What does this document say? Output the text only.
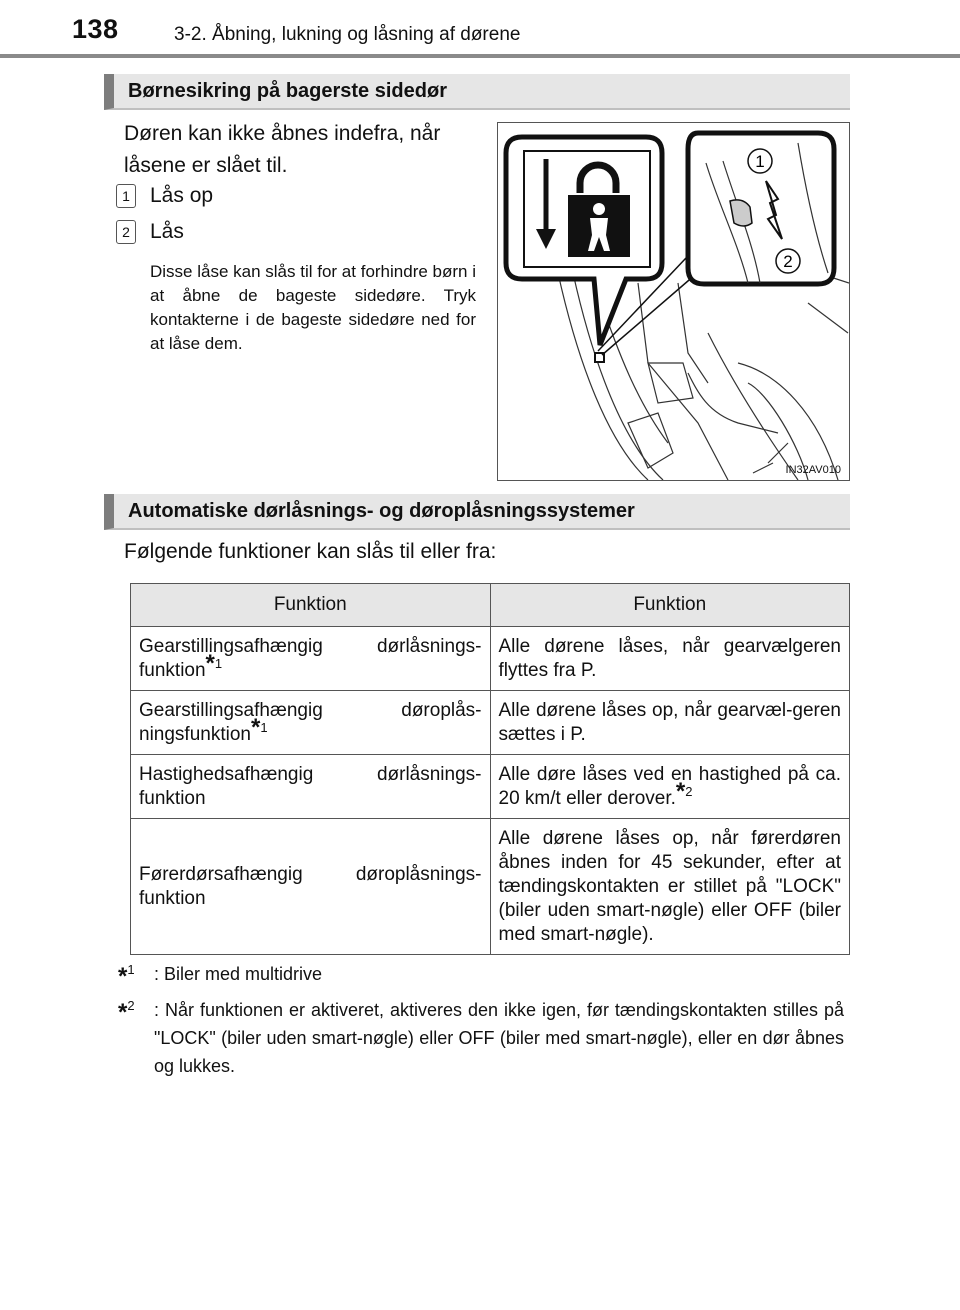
138	3-2. Åbning, lukning og låsning af dørene
Børnesikring på bagerste sidedør
Døren kan ikke åbnes indefra, når låsene er slået til.
1 Lås op
2 Lås
Disse låse kan slås til for at forhindre børn i at åbne de bageste sidedøre. Tryk kontakterne i de bageste sidedøre ned for at låse dem.
1
2
IN32AV010
Automatiske dørlåsnings- og døroplåsningssystemer
Følgende funktioner kan slås til eller fra:
Funktion	Funktion
Gearstillingsafhængig dørlåsnings-funktion$^{*1}$	Alle dørene låses, når gearvælgeren flyttes fra P.
Gearstillingsafhængig døroplås-ningsfunktion$^{*1}$	Alle dørene låses op, når gearvæl-geren sættes i P.
Hastighedsafhængig dørlåsnings-funktion	Alle døre låses ved en hastighed på ca. 20 km/t eller derover.$^{*2}$
Førerdørsafhængig døroplåsnings-funktion	Alle dørene låses op, når førerdøren åbnes inden for 45 sekunder, efter at tændingskontakten er stillet på "LOCK" (biler uden smart-nøgle) eller OFF (biler med smart-nøgle).
*$^1$ : Biler med multidrive
*$^2$ : Når funktionen er aktiveret, aktiveres den ikke igen, før tændingskontakten stilles på "LOCK" (biler uden smart-nøgle) eller OFF (biler med smart-nøgle), eller en dør åbnes og lukkes.
